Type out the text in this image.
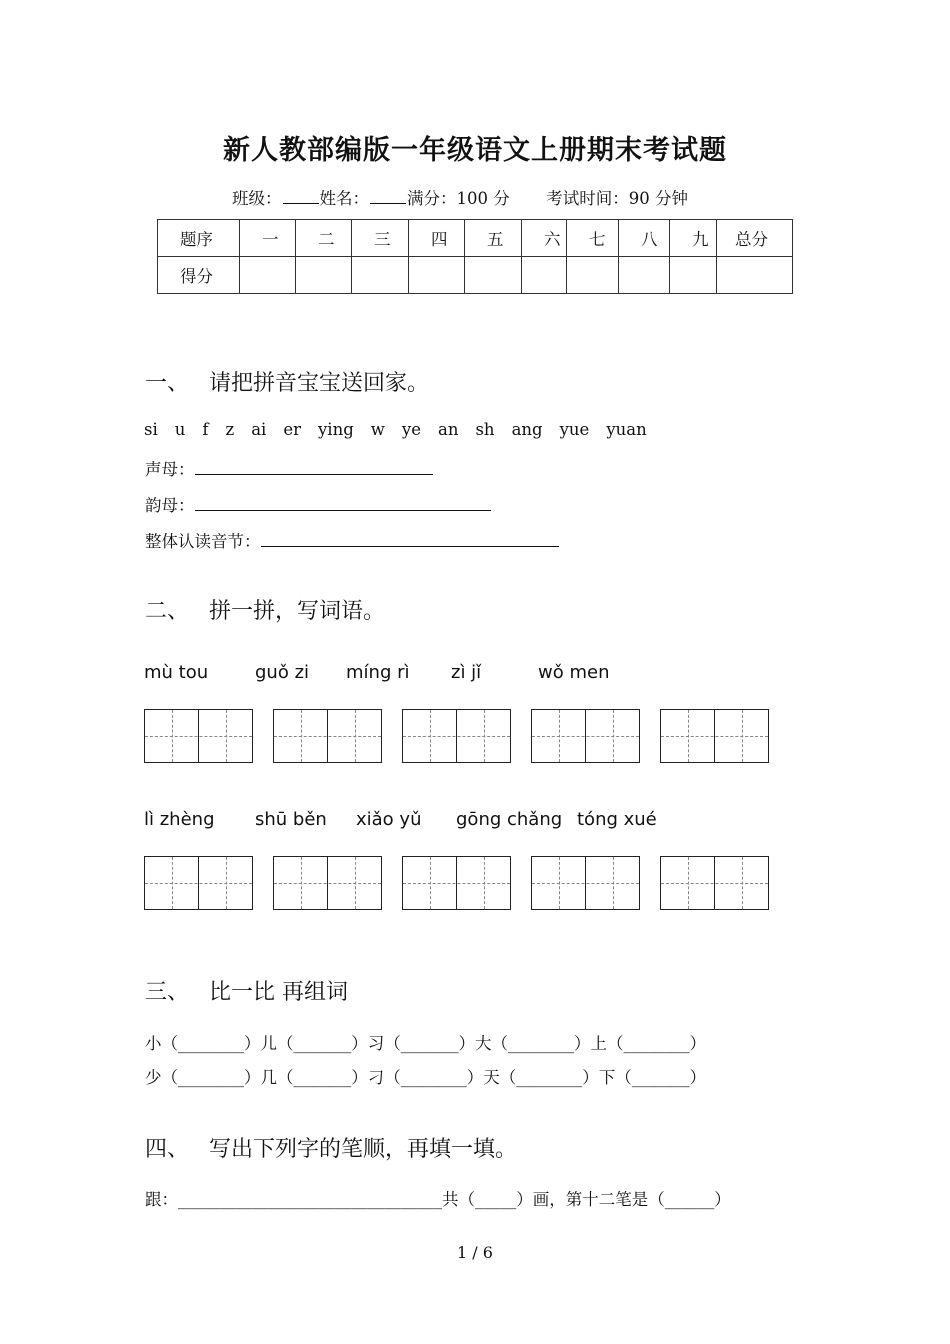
新人教部编版一年级语文上册期末考试题
班级： 姓名： 满分：100 分 考试时间：90 分钟
题序	一	二	三	四	五	六	七	八	九	总分
得分										
一、 请把拼音宝宝送回家。
si u f z ai er ying w ye an sh ang yue yuan
声母：
韵母：
整体认读音节：
二、 拼一拼，写词语。
mù tou	guǒ zi míng rì zì jǐ	wǒ men
lì zhèng shū běn xiǎo yǔ gōng chǎng tóng xué
三、 比一比 再组词
小（________）儿（_______）习（_______）大（________）上（________）
少（________）几（_______）刁（________）天（________）下（_______）
四、 写出下列字的笔顺，再填一填。
跟：________________________________共（_____）画，第十二笔是（______）
1 / 6
